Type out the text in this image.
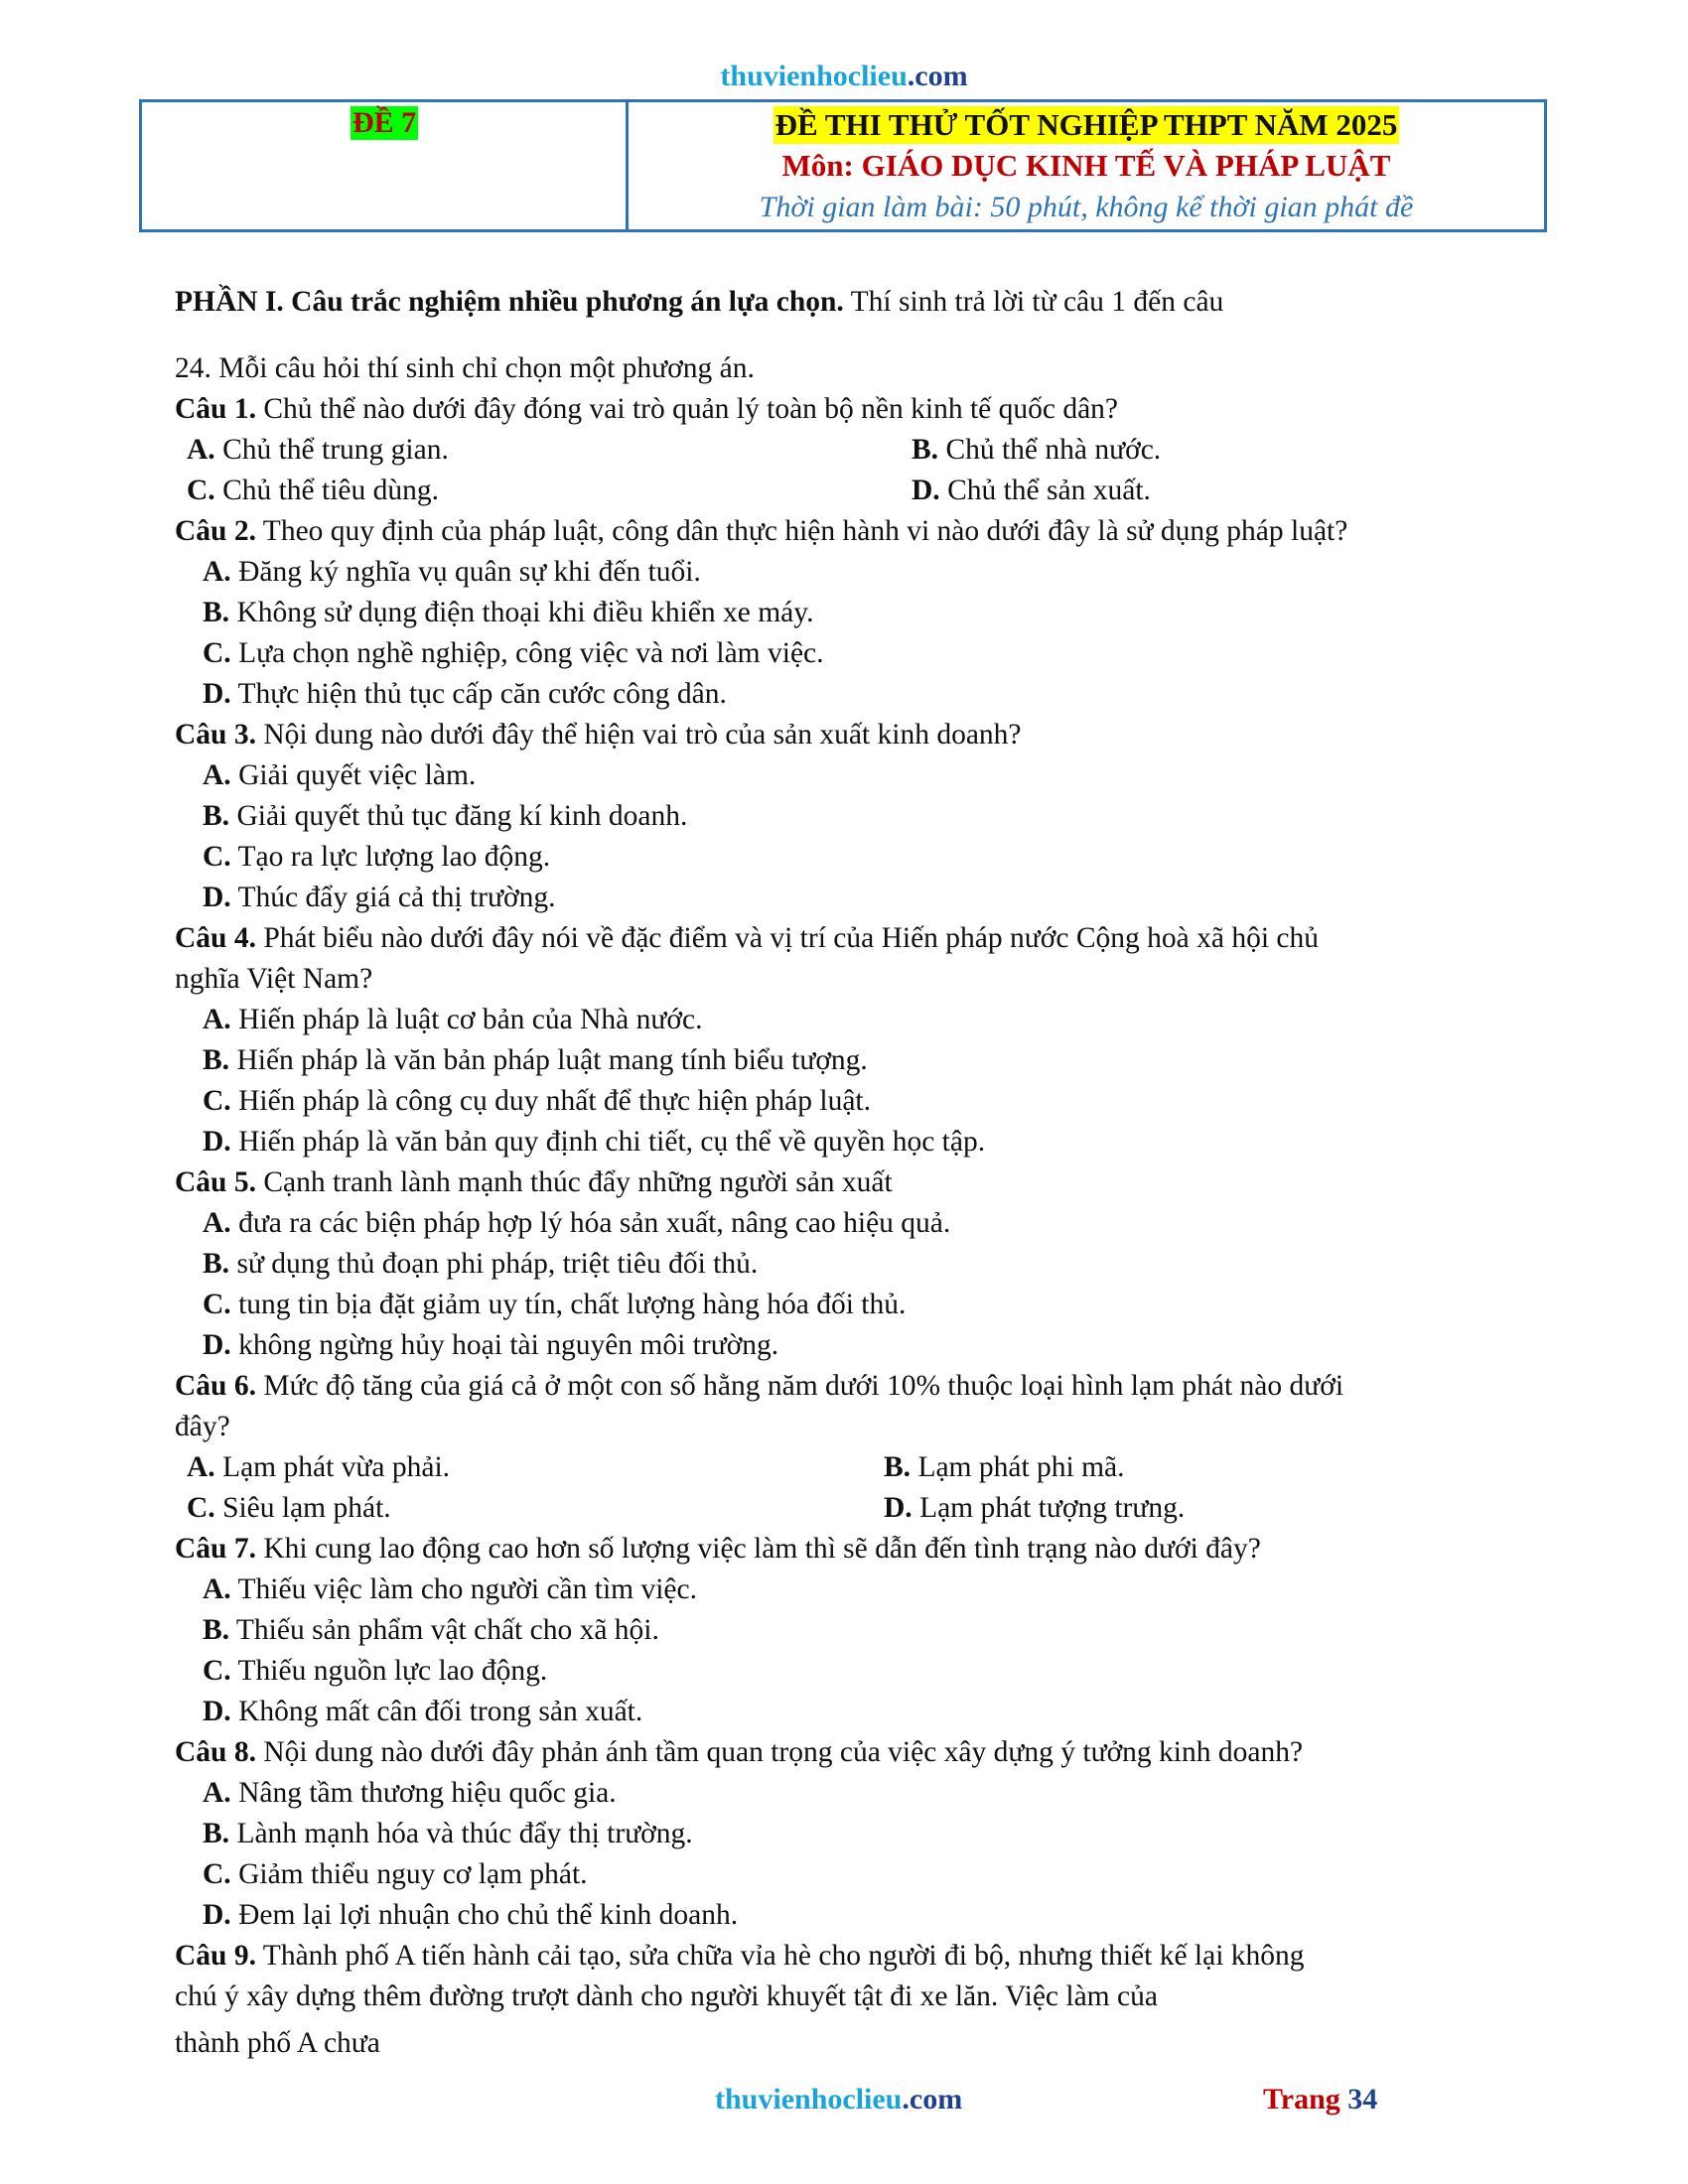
thuvienhoclieu.com
ĐỀ 7	ĐỀ THI THỬ TỐT NGHIỆP THPT NĂM 2025
Môn: GIÁO DỤC KINH TẾ VÀ PHÁP LUẬT
Thời gian làm bài: 50 phút, không kể thời gian phát đề
PHẦN I. Câu trắc nghiệm nhiều phương án lựa chọn. Thí sinh trả lời từ câu 1 đến câu
24. Mỗi câu hỏi thí sinh chỉ chọn một phương án.
Câu 1. Chủ thể nào dưới đây đóng vai trò quản lý toàn bộ nền kinh tế quốc dân?
A. Chủ thể trung gian.	B. Chủ thể nhà nước.
C. Chủ thể tiêu dùng.	D. Chủ thể sản xuất.
Câu 2. Theo quy định của pháp luật, công dân thực hiện hành vi nào dưới đây là sử dụng pháp luật?
A. Đăng ký nghĩa vụ quân sự khi đến tuổi.
B. Không sử dụng điện thoại khi điều khiển xe máy.
C. Lựa chọn nghề nghiệp, công việc và nơi làm việc.
D. Thực hiện thủ tục cấp căn cước công dân.
Câu 3. Nội dung nào dưới đây thể hiện vai trò của sản xuất kinh doanh?
A. Giải quyết việc làm.
B. Giải quyết thủ tục đăng kí kinh doanh.
C. Tạo ra lực lượng lao động.
D. Thúc đẩy giá cả thị trường.
Câu 4. Phát biểu nào dưới đây nói về đặc điểm và vị trí của Hiến pháp nước Cộng hoà xã hội chủ
nghĩa Việt Nam?
A. Hiến pháp là luật cơ bản của Nhà nước.
B. Hiến pháp là văn bản pháp luật mang tính biểu tượng.
C. Hiến pháp là công cụ duy nhất để thực hiện pháp luật.
D. Hiến pháp là văn bản quy định chi tiết, cụ thể về quyền học tập.
Câu 5. Cạnh tranh lành mạnh thúc đẩy những người sản xuất
A. đưa ra các biện pháp hợp lý hóa sản xuất, nâng cao hiệu quả.
B. sử dụng thủ đoạn phi pháp, triệt tiêu đối thủ.
C. tung tin bịa đặt giảm uy tín, chất lượng hàng hóa đối thủ.
D. không ngừng hủy hoại tài nguyên môi trường.
Câu 6. Mức độ tăng của giá cả ở một con số hằng năm dưới 10% thuộc loại hình lạm phát nào dưới
đây?
A. Lạm phát vừa phải.	B. Lạm phát phi mã.
C. Siêu lạm phát.	D. Lạm phát tượng trưng.
Câu 7. Khi cung lao động cao hơn số lượng việc làm thì sẽ dẫn đến tình trạng nào dưới đây?
A. Thiếu việc làm cho người cần tìm việc.
B. Thiếu sản phẩm vật chất cho xã hội.
C. Thiếu nguồn lực lao động.
D. Không mất cân đối trong sản xuất.
Câu 8. Nội dung nào dưới đây phản ánh tầm quan trọng của việc xây dựng ý tưởng kinh doanh?
A. Nâng tầm thương hiệu quốc gia.
B. Lành mạnh hóa và thúc đẩy thị trường.
C. Giảm thiểu nguy cơ lạm phát.
D. Đem lại lợi nhuận cho chủ thể kinh doanh.
Câu 9. Thành phố A tiến hành cải tạo, sửa chữa vỉa hè cho người đi bộ, nhưng thiết kế lại không
chú ý xây dựng thêm đường trượt dành cho người khuyết tật đi xe lăn. Việc làm của
thành phố A chưa
thuvienhoclieu.com	Trang 34
